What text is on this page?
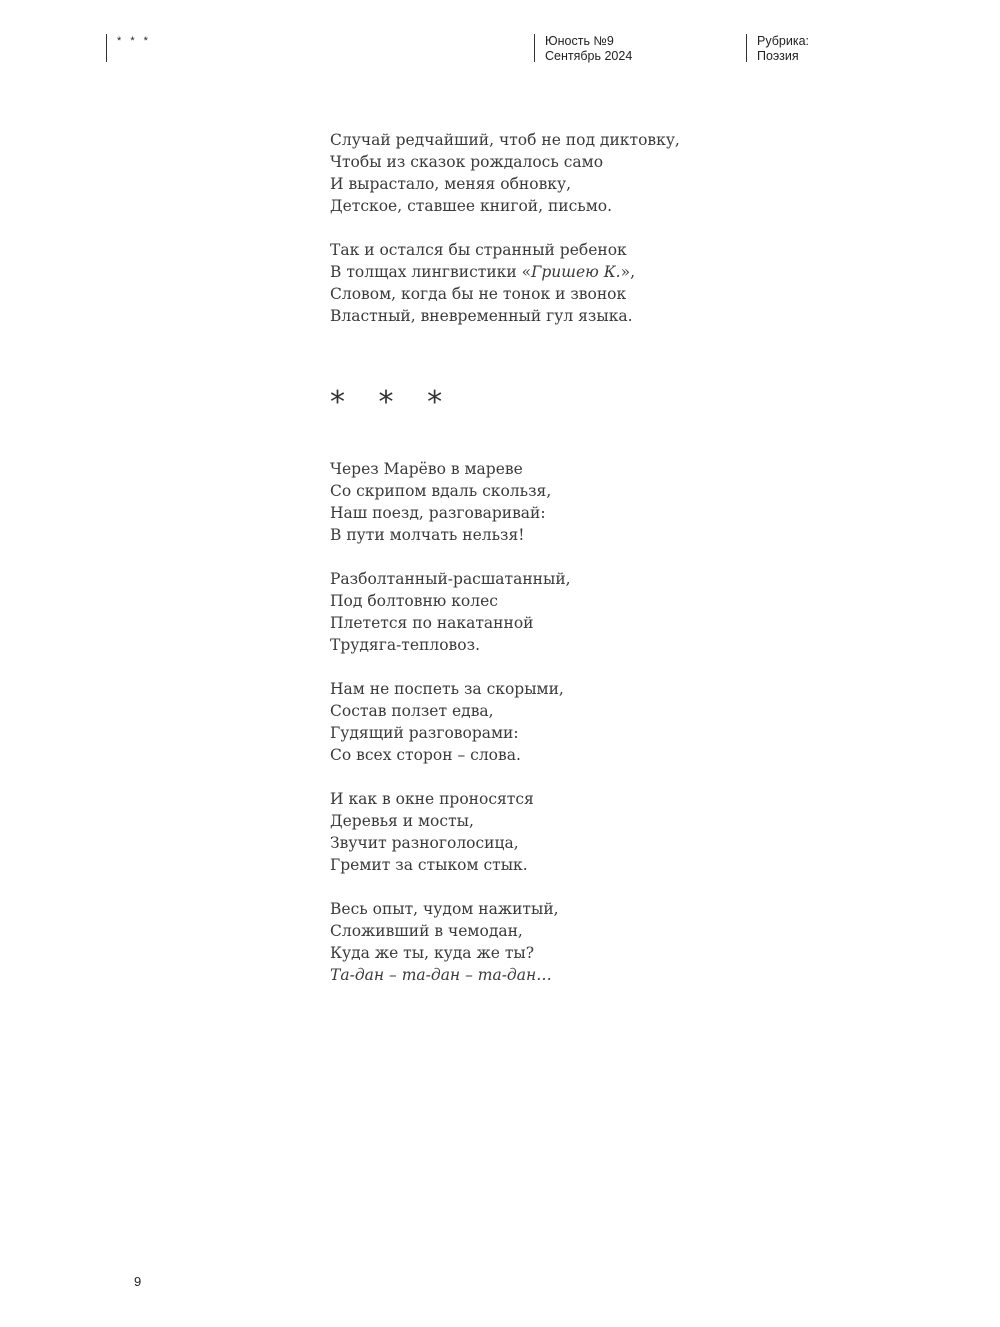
* * *	Юность №9
Сентябрь 2024
Рубрика:
Поэзия
Случай редчайший, чтоб не под диктовку,
Чтобы из сказок рождалось само
И вырастало, меняя обновку,
Детское, ставшее книгой, письмо.
Так и остался бы странный ребенок
В толщах лингвистики «Гришею К.»,
Словом, когда бы не тонок и звонок
Властный, вневременный гул языка.
* * *
Через Марёво в мареве
Со скрипом вдаль скользя,
Наш поезд, разговаривай:
В пути молчать нельзя!
Разболтанный-расшатанный,
Под болтовню колес
Плетется по накатанной
Трудяга-тепловоз.
Нам не поспеть за скорыми,
Состав ползет едва,
Гудящий разговорами:
Со всех сторон – слова.
И как в окне проносятся
Деревья и мосты,
Звучит разноголосица,
Гремит за стыком стык.
Весь опыт, чудом нажитый,
Сложивший в чемодан,
Куда же ты, куда же ты?
Та-дан – та-дан – та-дан…
9
